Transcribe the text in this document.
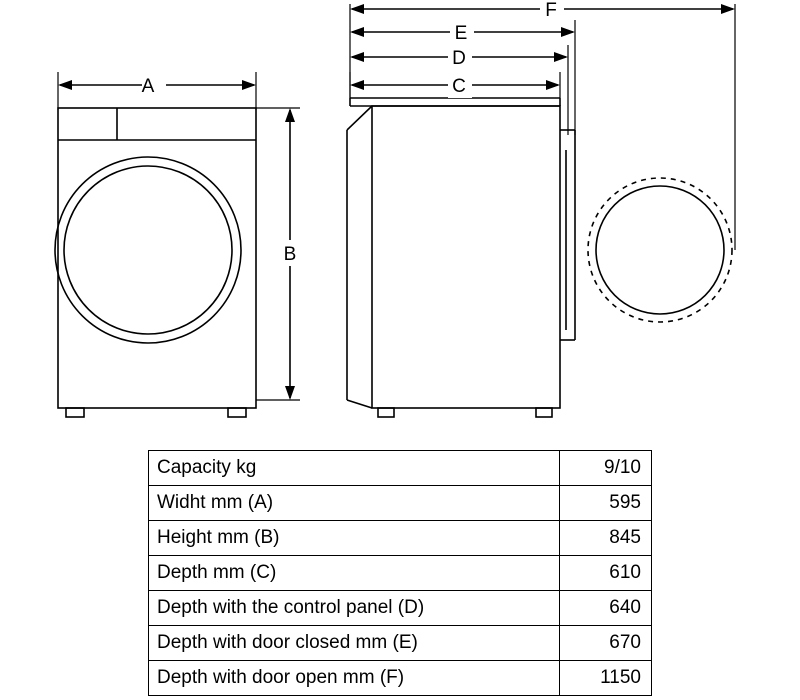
A
B
C
D
E
F
Capacity kg	9/10
Widht mm (A)	595
Height mm (B)	845
Depth mm (C)	610
Depth with the control panel (D)	640
Depth with door closed mm (E)	670
Depth with door open mm (F)	1150
